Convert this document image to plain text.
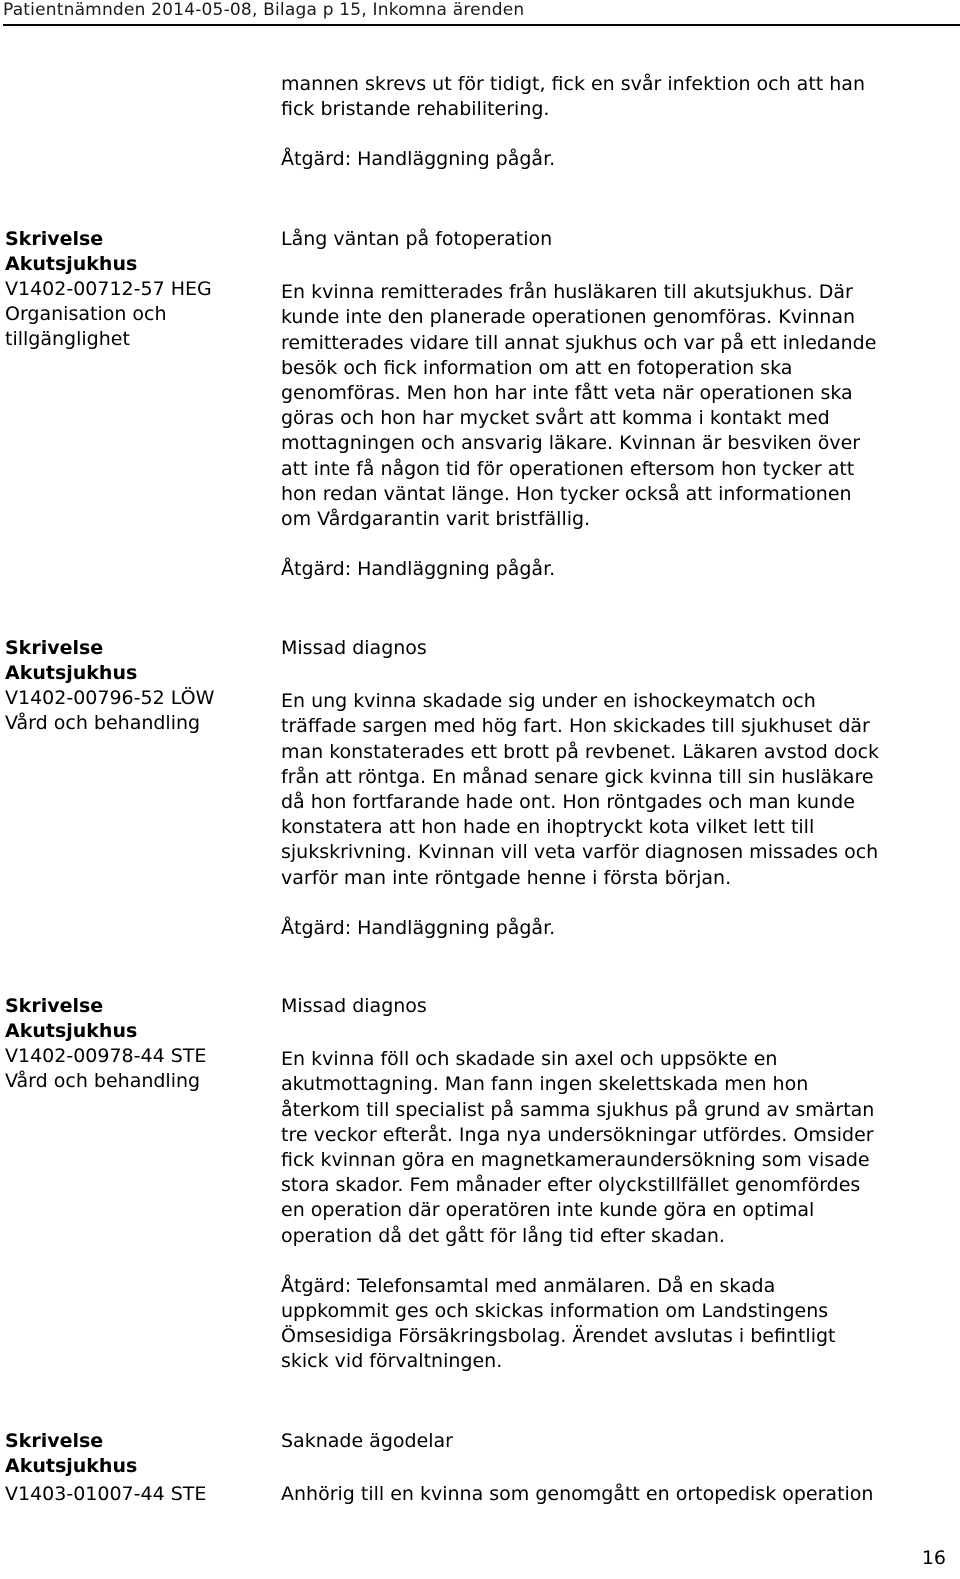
Patientnämnden 2014-05-08, Bilaga p 15, Inkomna ärenden

mannen skrevs ut för tidigt, fick en svår infektion och att han

fick bristande rehabilitering.

Åtgärd: Handläggning pågår.

Skrivelse

Akutsjukhus

V1402-00712-57 HEG

Organisation och

tillgänglighet

Lång väntan på fotoperation

En kvinna remitterades från husläkaren till akutsjukhus. Där

kunde inte den planerade operationen genomföras. Kvinnan

remitterades vidare till annat sjukhus och var på ett inledande

besök och fick information om att en fotoperation ska

genomföras. Men hon har inte fått veta när operationen ska

göras och hon har mycket svårt att komma i kontakt med

mottagningen och ansvarig läkare. Kvinnan är besviken över

att inte få någon tid för operationen eftersom hon tycker att

hon redan väntat länge. Hon tycker också att informationen

om Vårdgarantin varit bristfällig.

Åtgärd: Handläggning pågår.

Skrivelse

Akutsjukhus

V1402-00796-52 LÖW

Vård och behandling

Missad diagnos

En ung kvinna skadade sig under en ishockeymatch och

träffade sargen med hög fart. Hon skickades till sjukhuset där

man konstaterades ett brott på revbenet. Läkaren avstod dock

från att röntga. En månad senare gick kvinna till sin husläkare

då hon fortfarande hade ont. Hon röntgades och man kunde

konstatera att hon hade en ihoptryckt kota vilket lett till

sjukskrivning. Kvinnan vill veta varför diagnosen missades och

varför man inte röntgade henne i första början.

Åtgärd: Handläggning pågår.

Skrivelse

Akutsjukhus

V1402-00978-44 STE

Vård och behandling

Missad diagnos

En kvinna föll och skadade sin axel och uppsökte en

akutmottagning. Man fann ingen skelettskada men hon

återkom till specialist på samma sjukhus på grund av smärtan

tre veckor efteråt. Inga nya undersökningar utfördes. Omsider

fick kvinnan göra en magnetkameraundersökning som visade

stora skador. Fem månader efter olyckstillfället genomfördes

en operation där operatören inte kunde göra en optimal

operation då det gått för lång tid efter skadan.

Åtgärd: Telefonsamtal med anmälaren. Då en skada

uppkommit ges och skickas information om Landstingens

Ömsesidiga Försäkringsbolag. Ärendet avslutas i befintligt

skick vid förvaltningen.

Skrivelse

Akutsjukhus

V1403-01007-44 STE

Saknade ägodelar

Anhörig till en kvinna som genomgått en ortopedisk operation

16
